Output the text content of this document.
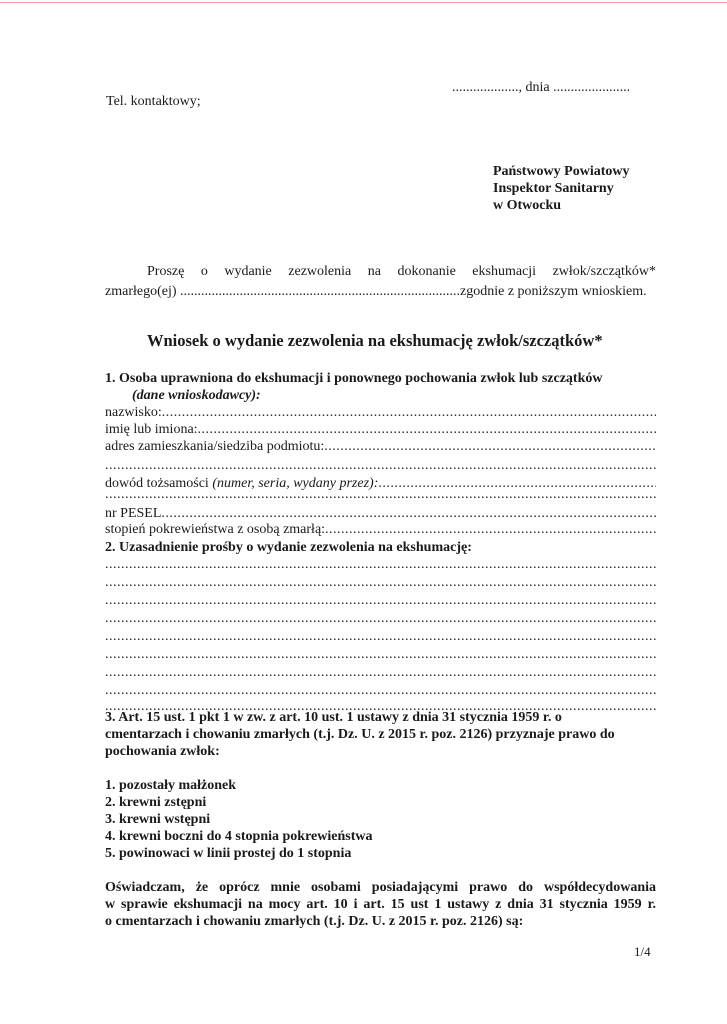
Tel. kontaktowy;
..................., dnia ......................
Państwowy Powiatowy
Inspektor Sanitarny
w Otwocku
Proszę o wydanie zezwolenia na dokonanie ekshumacji zwłok/szczątków*
zmarłego(ej) ................................................................................zgodnie z poniższym wnioskiem.
Wniosek o wydanie zezwolenia na ekshumację zwłok/szczątków*
1. Osoba uprawniona do ekshumacji i ponownego pochowania zwłok lub szczątków
(dane wnioskodawcy):
nazwisko:
.....
imię lub imiona:
.....
adres zamieszkania/siedziba podmiotu:
.....
.....
dowód tożsamości
(numer, seria, wydany przez):
.....
.....
nr PESEL
.....
stopień pokrewieństwa z osobą zmarłą:
.....
2. Uzasadnienie prośby o wydanie zezwolenia na ekshumację:
.....
.....
.....
.....
.....
.....
.....
.....
.....
3. Art. 15 ust. 1 pkt 1 w zw. z art. 10 ust. 1 ustawy z dnia 31 stycznia 1959 r. o
cmentarzach i chowaniu zmarłych (t.j. Dz. U. z 2015 r. poz. 2126) przyznaje prawo do
pochowania zwłok:
1. pozostały małżonek
2. krewni zstępni
3. krewni wstępni
4. krewni boczni do 4 stopnia pokrewieństwa
5. powinowaci w linii prostej do 1 stopnia
Oświadczam, że oprócz mnie osobami posiadającymi prawo do współdecydowania
w sprawie ekshumacji na mocy art. 10 i art. 15 ust 1 ustawy z dnia 31 stycznia 1959 r.
o cmentarzach i chowaniu zmarłych (t.j. Dz. U. z 2015 r. poz. 2126) są:
1/4
